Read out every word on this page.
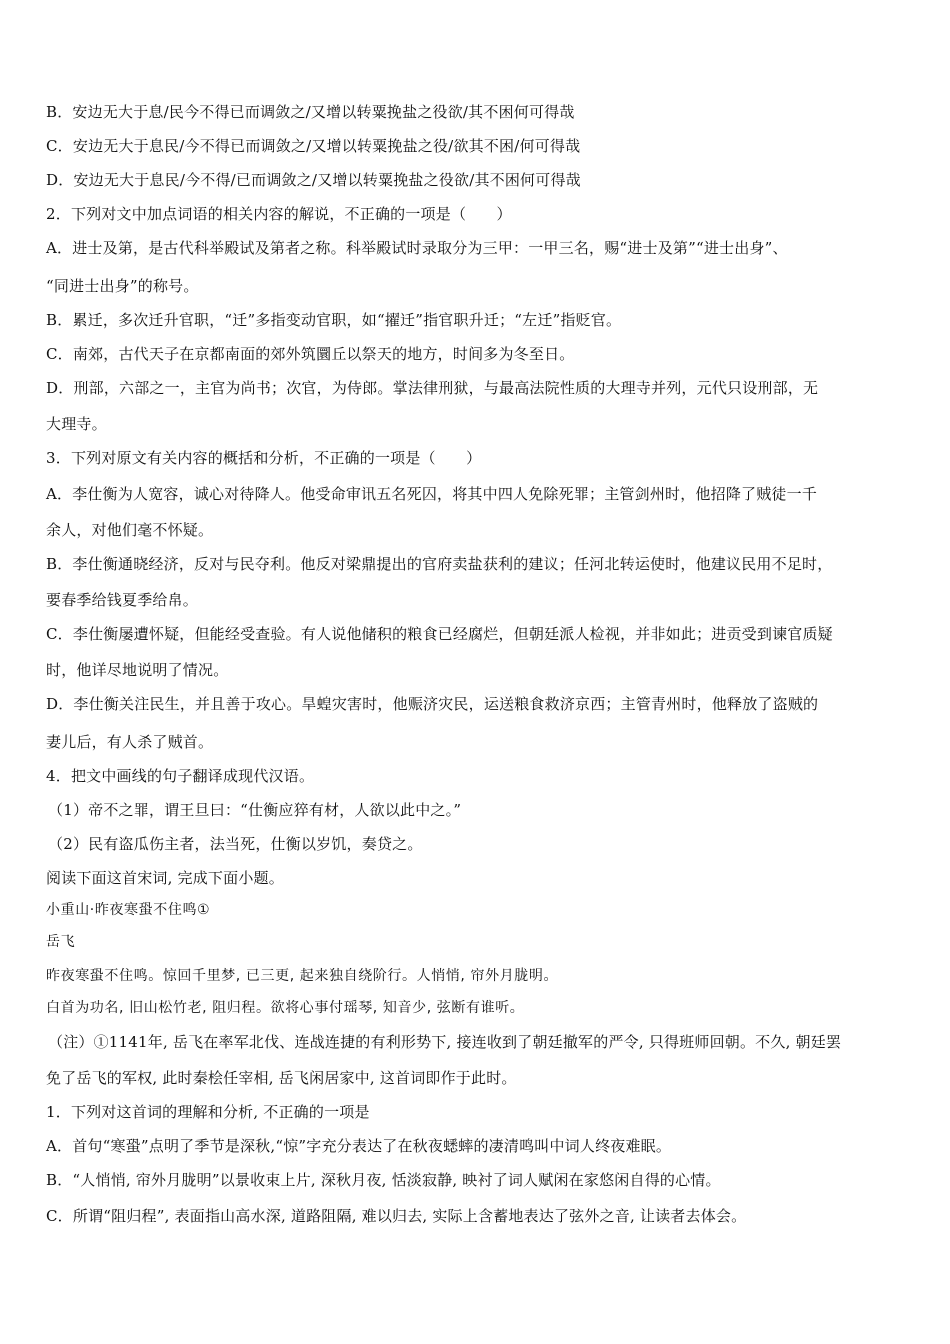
B．安边无大于息/民今不得已而调敛之/又增以转粟挽盐之役欲/其不困何可得哉
C．安边无大于息民/今不得已而调敛之/又增以转粟挽盐之役/欲其不困/何可得哉
D．安边无大于息民/今不得/已而调敛之/又增以转粟挽盐之役欲/其不困何可得哉
2．下列对文中加点词语的相关内容的解说，不正确的一项是（　　）
A．进士及第，是古代科举殿试及第者之称。科举殿试时录取分为三甲：一甲三名，赐“进士及第”“进士出身”、
“同进士出身”的称号。
B．累迁，多次迁升官职，“迁”多指变动官职，如“擢迁”指官职升迁；“左迁”指贬官。
C．南郊，古代天子在京都南面的郊外筑圜丘以祭天的地方，时间多为冬至日。
D．刑部，六部之一，主官为尚书；次官，为侍郎。掌法律刑狱，与最高法院性质的大理寺并列，元代只设刑部，无
大理寺。
3．下列对原文有关内容的概括和分析，不正确的一项是（　　）
A．李仕衡为人宽容，诚心对待降人。他受命审讯五名死囚，将其中四人免除死罪；主管剑州时，他招降了贼徒一千
余人，对他们毫不怀疑。
B．李仕衡通晓经济，反对与民夺利。他反对梁鼎提出的官府卖盐获利的建议；任河北转运使时，他建议民用不足时，
要春季给钱夏季给帛。
C．李仕衡屡遭怀疑，但能经受查验。有人说他储积的粮食已经腐烂，但朝廷派人检视，并非如此；进贡受到谏官质疑
时，他详尽地说明了情况。
D．李仕衡关注民生，并且善于攻心。旱蝗灾害时，他赈济灾民，运送粮食救济京西；主管青州时，他释放了盗贼的
妻儿后，有人杀了贼首。
4．把文中画线的句子翻译成现代汉语。
（1）帝不之罪，谓王旦曰：“仕衡应猝有材，人欲以此中之。”
（2）民有盗瓜伤主者，法当死，仕衡以岁饥，奏贷之。
阅读下面这首宋词, 完成下面小题。
小重山·昨夜寒蛩不住鸣①
岳飞
昨夜寒蛩不住鸣。惊回千里梦, 已三更, 起来独自绕阶行。人悄悄, 帘外月胧明。
白首为功名, 旧山松竹老, 阻归程。欲将心事付瑶琴, 知音少, 弦断有谁听。
（注）①1141年, 岳飞在率军北伐、连战连捷的有利形势下, 接连收到了朝廷撤军的严令, 只得班师回朝。不久, 朝廷罢
免了岳飞的军权, 此时秦桧任宰相, 岳飞闲居家中, 这首词即作于此时。
1．下列对这首词的理解和分析, 不正确的一项是
A．首句“寒蛩”点明了季节是深秋,“惊”字充分表达了在秋夜蟋蟀的凄清鸣叫中词人终夜难眠。
B．“人悄悄, 帘外月胧明”以景收束上片, 深秋月夜, 恬淡寂静, 映衬了词人赋闲在家悠闲自得的心情。
C．所谓“阻归程”, 表面指山高水深, 道路阻隔, 难以归去, 实际上含蓄地表达了弦外之音, 让读者去体会。
